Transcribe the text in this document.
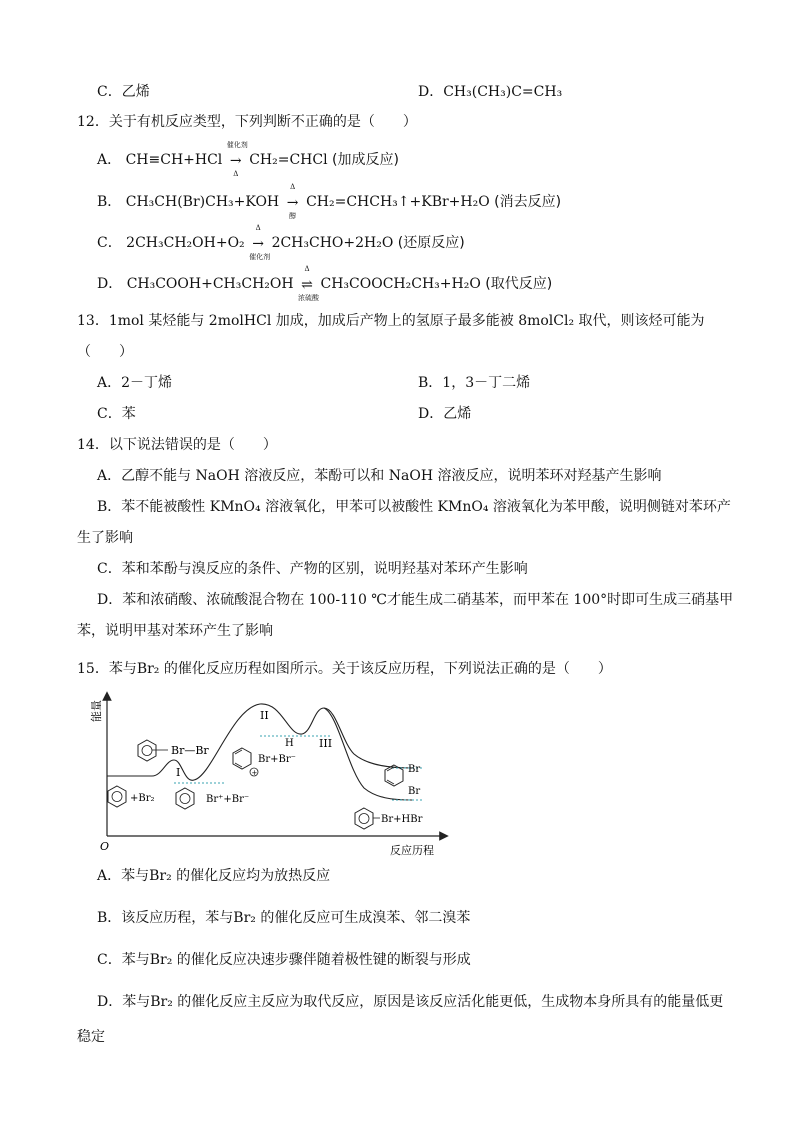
C．乙烯	D．CH₃(CH₃)C=CH₃
12．关于有机反应类型，下列判断不正确的是（　　）
A． CH≡CH+HCl
催化剂
→
Δ
CH₂=CHCl (加成反应)
B． CH₃CH(Br)CH₃+KOH
Δ
→
醇
CH₂=CHCH₃↑+KBr+H₂O (消去反应)
C． 2CH₃CH₂OH+O₂
Δ
→
催化剂
2CH₃CHO+2H₂O (还原反应)
D． CH₃COOH+CH₃CH₂OH
Δ
⇌
浓硫酸
CH₃COOCH₂CH₃+H₂O (取代反应)
13．1mol 某烃能与 2molHCl 加成，加成后产物上的氢原子最多能被 8molCl₂ 取代，则该烃可能为
（　　）
A．2－丁烯	B．1，3－丁二烯
C．苯	D．乙烯
14．以下说法错误的是（　　）
A．乙醇不能与 NaOH 溶液反应，苯酚可以和 NaOH 溶液反应，说明苯环对羟基产生影响
B．苯不能被酸性 KMnO₄ 溶液氧化，甲苯可以被酸性 KMnO₄ 溶液氧化为苯甲酸，说明侧链对苯环产
生了影响
C．苯和苯酚与溴反应的条件、产物的区别，说明羟基对苯环产生影响
D．苯和浓硝酸、浓硫酸混合物在 100-110 ℃才能生成二硝基苯，而甲苯在 100°时即可生成三硝基甲
苯，说明甲基对苯环产生了影响
15．苯与Br₂ 的催化反应历程如图所示。关于该反应历程，下列说法正确的是（　　）
能量
反应历程
O
I
II
III
Br—Br
+Br₂	Br⁺+Br⁻
H
+
Br+Br⁻
Br
Br
Br+HBr
A．苯与Br₂ 的催化反应均为放热反应
B．该反应历程，苯与Br₂ 的催化反应可生成溴苯、邻二溴苯
C．苯与Br₂ 的催化反应决速步骤伴随着极性键的断裂与形成
D．苯与Br₂ 的催化反应主反应为取代反应，原因是该反应活化能更低，生成物本身所具有的能量低更
稳定
